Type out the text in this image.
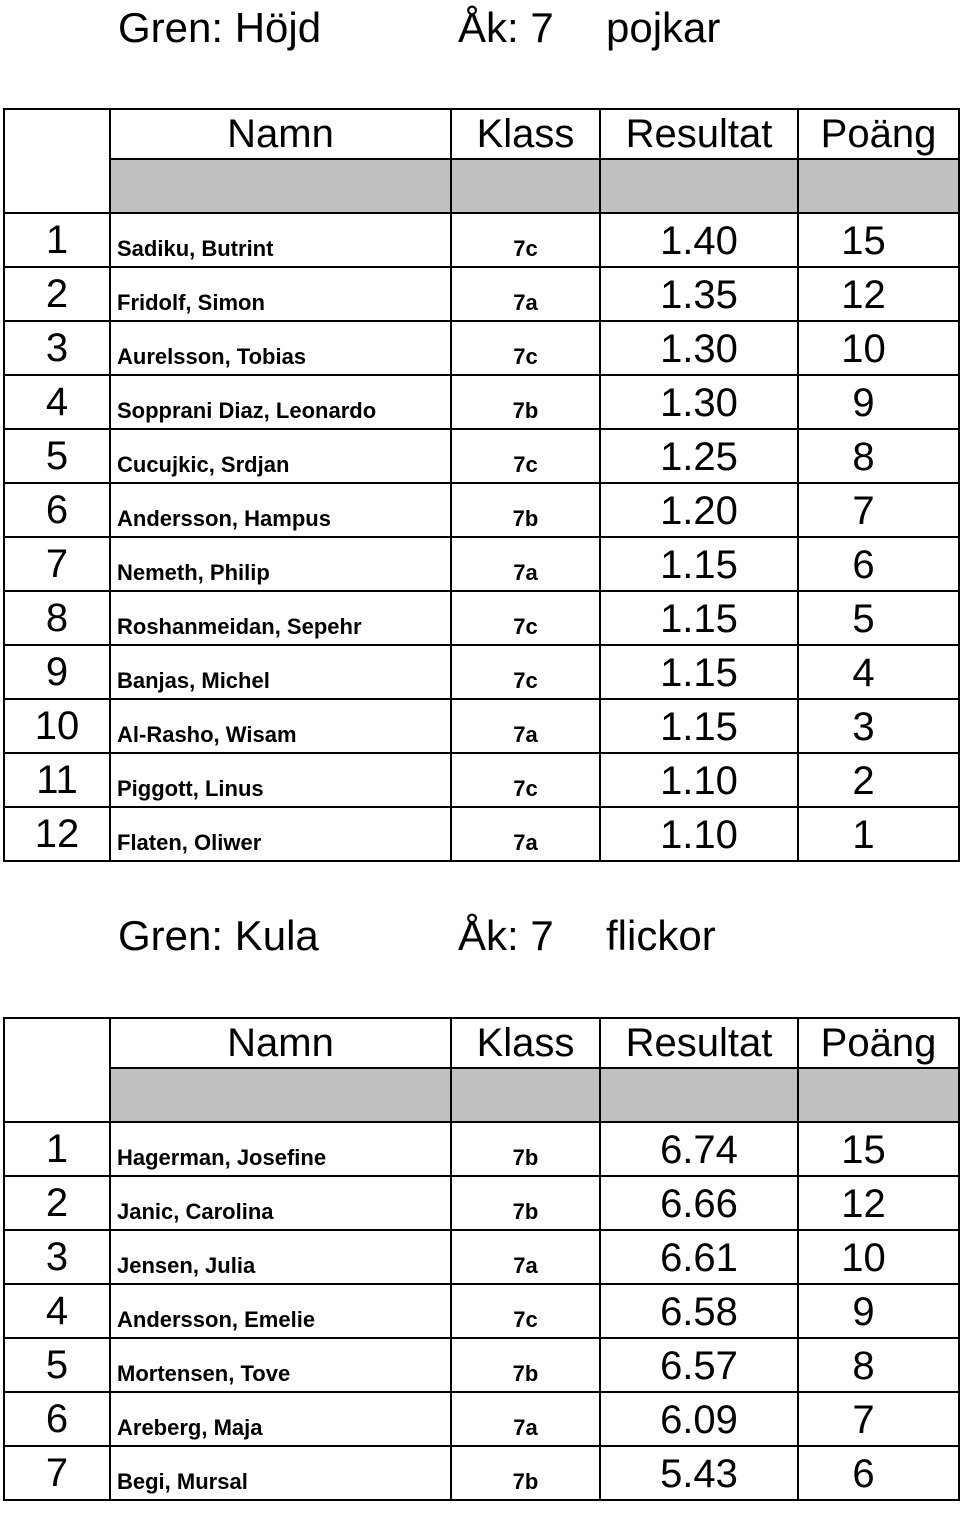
Gren: Höjd	Åk: 7 pojkar
	Namn	Klass	Resultat	Poäng

1	Sadiku, Butrint	7c	1.40	15
2	Fridolf, Simon	7a	1.35	12
3	Aurelsson, Tobias	7c	1.30	10
4	Sopprani Diaz, Leonardo	7b	1.30	9
5	Cucujkic, Srdjan	7c	1.25	8
6	Andersson, Hampus	7b	1.20	7
7	Nemeth, Philip	7a	1.15	6
8	Roshanmeidan, Sepehr	7c	1.15	5
9	Banjas, Michel	7c	1.15	4
10	Al-Rasho, Wisam	7a	1.15	3
11	Piggott, Linus	7c	1.10	2
12	Flaten, Oliwer	7a	1.10	1
Gren: Kula	Åk: 7 flickor
	Namn	Klass	Resultat	Poäng

1	Hagerman, Josefine	7b	6.74	15
2	Janic, Carolina	7b	6.66	12
3	Jensen, Julia	7a	6.61	10
4	Andersson, Emelie	7c	6.58	9
5	Mortensen, Tove	7b	6.57	8
6	Areberg, Maja	7a	6.09	7
7	Begi, Mursal	7b	5.43	6
